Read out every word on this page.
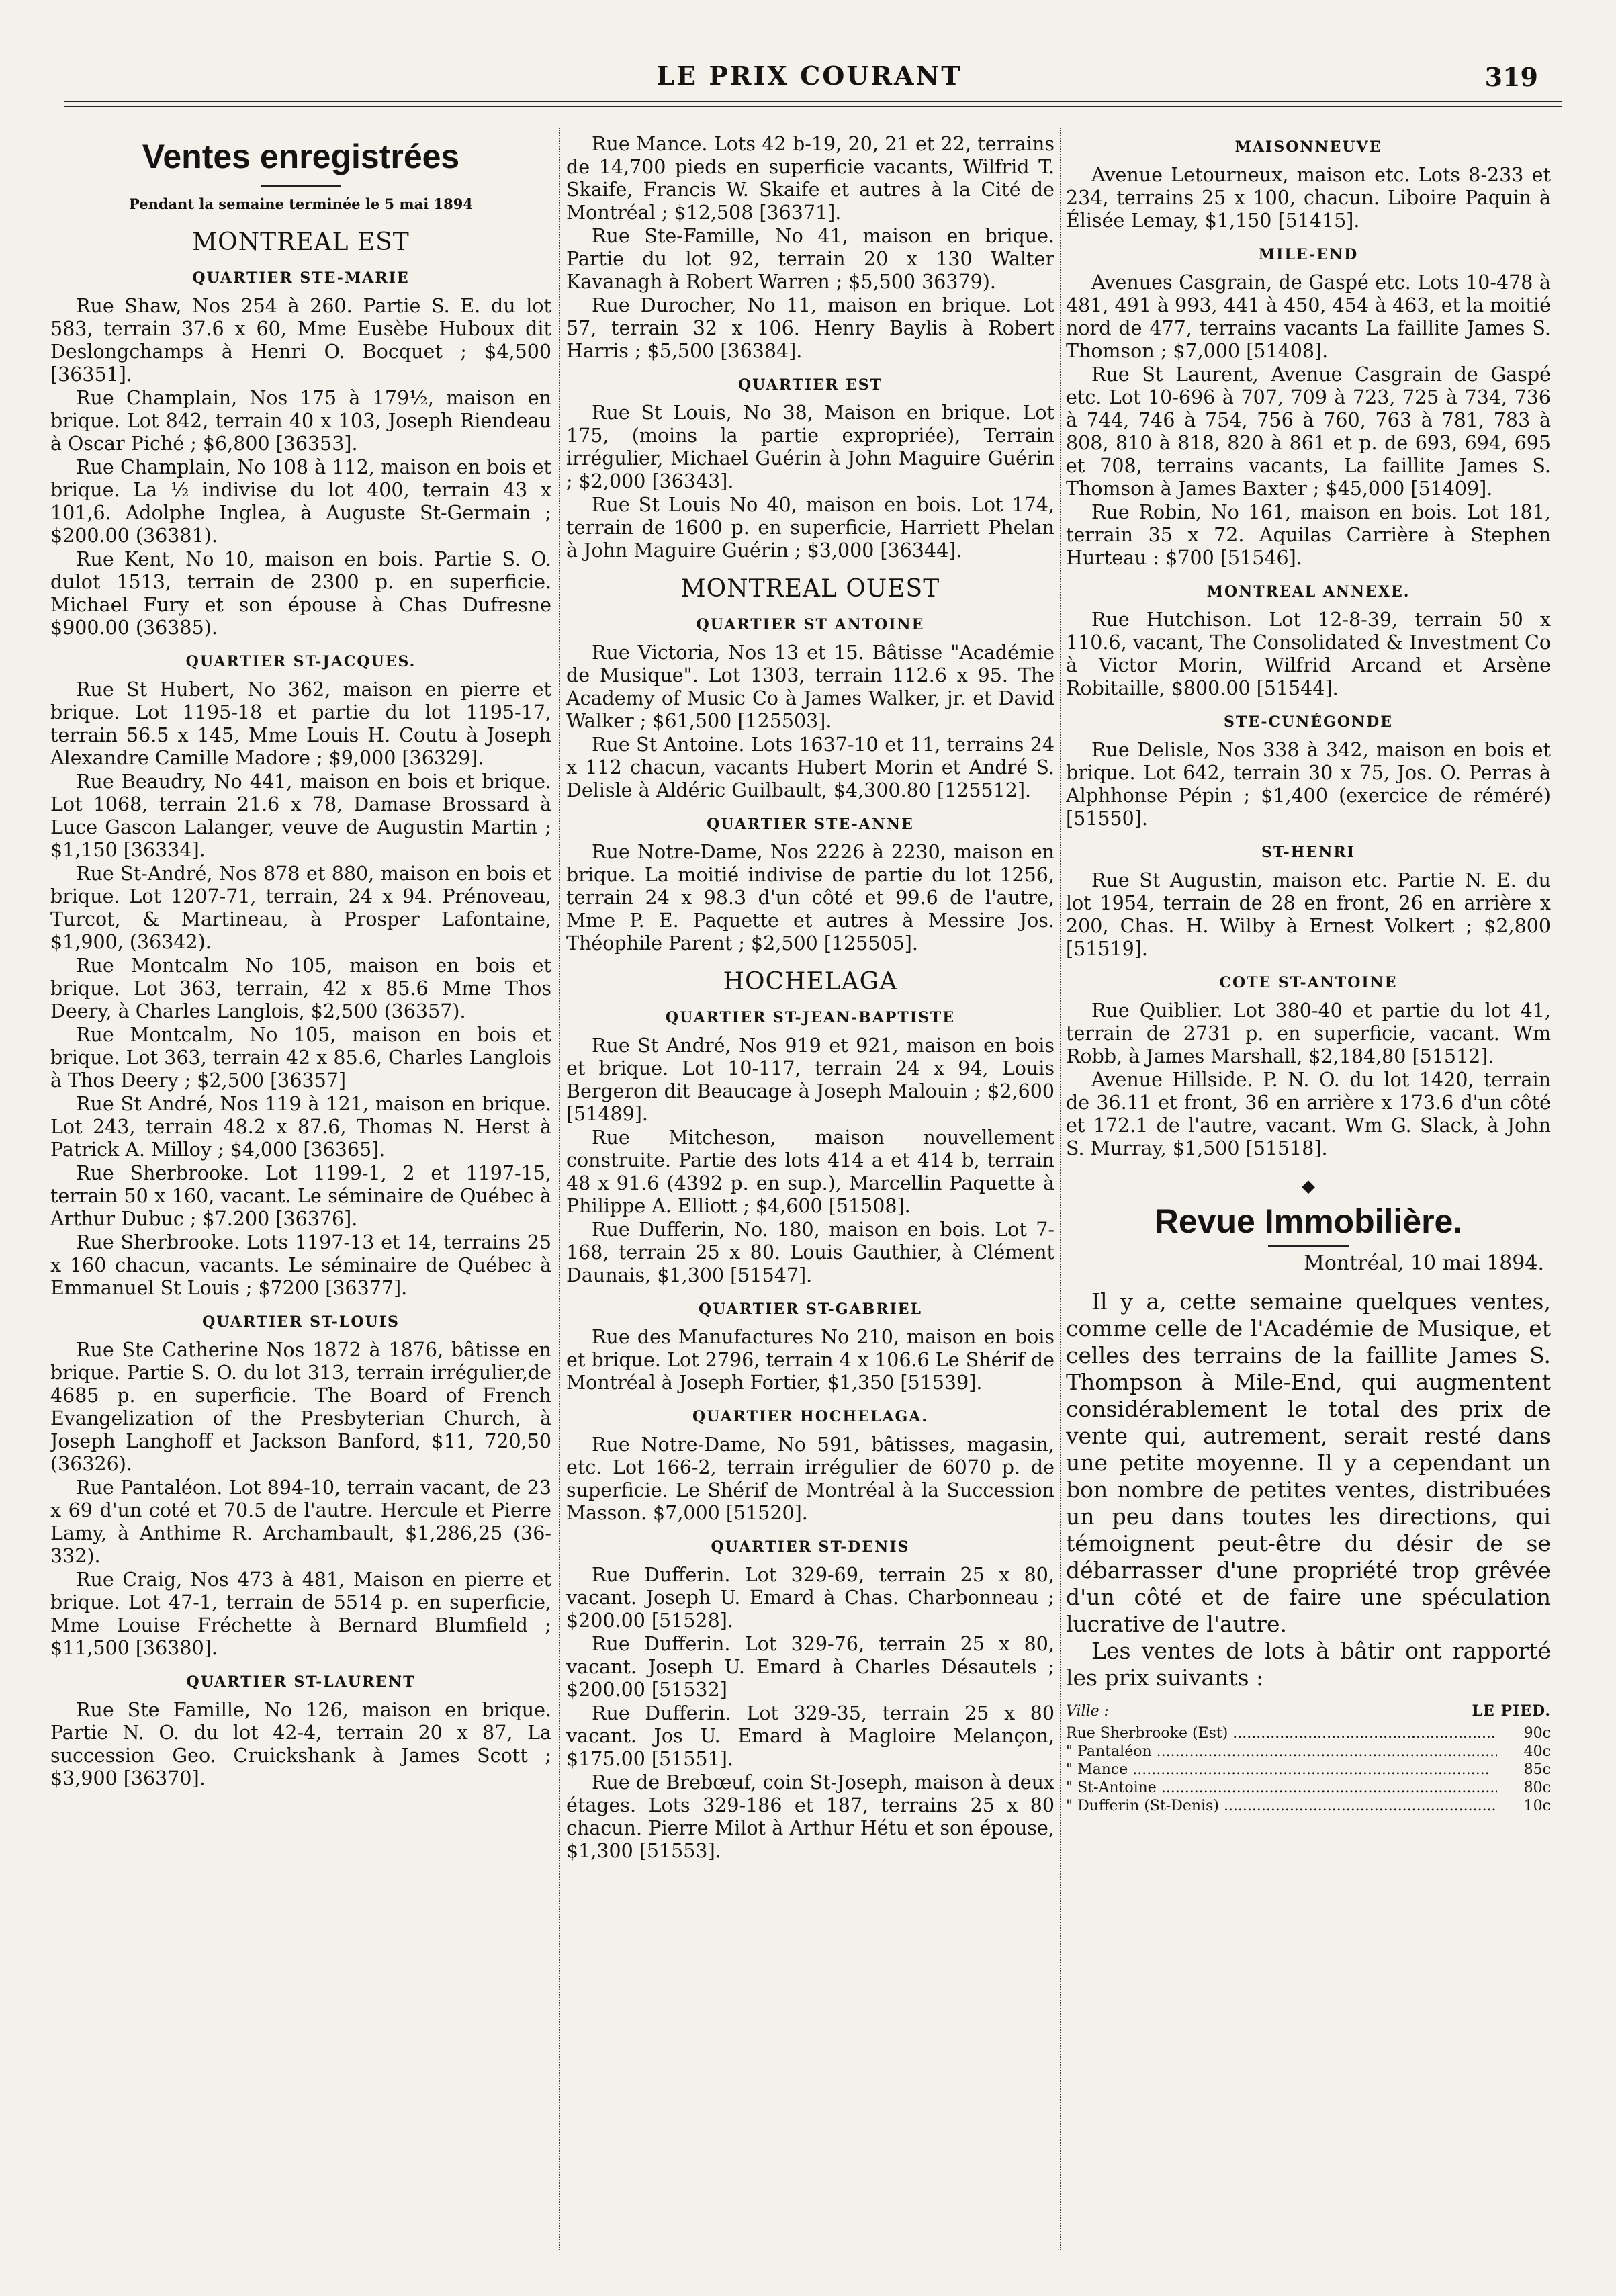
LE PRIX COURANT	319
Ventes enregistrées
Pendant la semaine terminée le 5 mai 1894
MONTREAL EST
QUARTIER STE-MARIE

Rue Shaw, Nos 254 à 260. Partie S. E. du lot 583, terrain 37.6 x 60, Mme Eusèbe Huboux dit Deslongchamps à Henri O. Bocquet ; $4,500 [36351].

Rue Champlain, Nos 175 à 179½, maison en brique. Lot 842, terrain 40 x 103, Joseph Riendeau à Oscar Piché ; $6,800 [36353].

Rue Champlain, No 108 à 112, maison en bois et brique. La ½ indivise du lot 400, terrain 43 x 101,6. Adolphe Inglea, à Auguste St-Germain ; $200.00 (36381).

Rue Kent, No 10, maison en bois. Partie S. O. dulot 1513, terrain de 2300 p. en superficie. Michael Fury et son épouse à Chas Dufresne $900.00 (36385).

QUARTIER ST-JACQUES.

Rue St Hubert, No 362, maison en pierre et brique. Lot 1195-18 et partie du lot 1195-17, terrain 56.5 x 145, Mme Louis H. Coutu à Joseph Alexandre Camille Madore ; $9,000 [36329].

Rue Beaudry, No 441, maison en bois et brique. Lot 1068, terrain 21.6 x 78, Damase Brossard à Luce Gascon Lalanger, veuve de Augustin Martin ; $1,150 [36334].

Rue St-André, Nos 878 et 880, maison en bois et brique. Lot 1207-71, terrain, 24 x 94. Prénoveau, Turcot, & Martineau, à Prosper Lafontaine, $1,900, (36342).

Rue Montcalm No 105, maison en bois et brique. Lot 363, terrain, 42 x 85.6 Mme Thos Deery, à Charles Langlois, $2,500 (36357).

Rue Montcalm, No 105, maison en bois et brique. Lot 363, terrain 42 x 85.6, Charles Langlois à Thos Deery ; $2,500 [36357]

Rue St André, Nos 119 à 121, maison en brique. Lot 243, terrain 48.2 x 87.6, Thomas N. Herst à Patrick A. Milloy ; $4,000 [36365].

Rue Sherbrooke. Lot 1199-1, 2 et 1197-15, terrain 50 x 160, vacant. Le séminaire de Québec à Arthur Dubuc ; $7.200 [36376].

Rue Sherbrooke. Lots 1197-13 et 14, terrains 25 x 160 chacun, vacants. Le séminaire de Québec à Emmanuel St Louis ; $7200 [36377].

QUARTIER ST-LOUIS

Rue Ste Catherine Nos 1872 à 1876, bâtisse en brique. Partie S. O. du lot 313, terrain irrégulier,de 4685 p. en superficie. The Board of French Evangelization of the Presbyterian Church, à Joseph Langhoff et Jackson Banford, $11, 720,50 (36326).

Rue Pantaléon. Lot 894-10, terrain vacant, de 23 x 69 d'un coté et 70.5 de l'autre. Hercule et Pierre Lamy, à Anthime R. Archambault, $1,286,25 (36-332).

Rue Craig, Nos 473 à 481, Maison en pierre et brique. Lot 47-1, terrain de 5514 p. en superficie, Mme Louise Fréchette à Bernard Blumfield ; $11,500 [36380].

QUARTIER ST-LAURENT

Rue Ste Famille, No 126, maison en brique. Partie N. O. du lot 42-4, terrain 20 x 87, La succession Geo. Cruickshank à James Scott ; $3,900 [36370].

Rue Mance. Lots 42 b-19, 20, 21 et 22, terrains de 14,700 pieds en superficie vacants, Wilfrid T. Skaife, Francis W. Skaife et autres à la Cité de Montréal ; $12,508 [36371].

Rue Ste-Famille, No 41, maison en brique. Partie du lot 92, terrain 20 x 130 Walter Kavanagh à Robert Warren ; $5,500 36379).

Rue Durocher, No 11, maison en brique. Lot 57, terrain 32 x 106. Henry Baylis à Robert Harris ; $5,500 [36384].

QUARTIER EST

Rue St Louis, No 38, Maison en brique. Lot 175, (moins la partie expropriée), Terrain irrégulier, Michael Guérin à John Maguire Guérin ; $2,000 [36343].

Rue St Louis No 40, maison en bois. Lot 174, terrain de 1600 p. en superficie, Harriett Phelan à John Maguire Guérin ; $3,000 [36344].

MONTREAL OUEST
QUARTIER ST ANTOINE

Rue Victoria, Nos 13 et 15. Bâtisse "Académie de Musique". Lot 1303, terrain 112.6 x 95. The Academy of Music Co à James Walker, jr. et David Walker ; $61,500 [125503].

Rue St Antoine. Lots 1637-10 et 11, terrains 24 x 112 chacun, vacants Hubert Morin et André S. Delisle à Aldéric Guilbault, $4,300.80 [125512].

QUARTIER STE-ANNE

Rue Notre-Dame, Nos 2226 à 2230, maison en brique. La moitié indivise de partie du lot 1256, terrain 24 x 98.3 d'un côté et 99.6 de l'autre, Mme P. E. Paquette et autres à Messire Jos. Théophile Parent ; $2,500 [125505].

HOCHELAGA
QUARTIER ST-JEAN-BAPTISTE

Rue St André, Nos 919 et 921, maison en bois et brique. Lot 10-117, terrain 24 x 94, Louis Bergeron dit Beaucage à Joseph Malouin ; $2,600 [51489].

Rue Mitcheson, maison nouvellement construite. Partie des lots 414 a et 414 b, terrain 48 x 91.6 (4392 p. en sup.), Marcellin Paquette à Philippe A. Elliott ; $4,600 [51508].

Rue Dufferin, No. 180, maison en bois. Lot 7-168, terrain 25 x 80. Louis Gauthier, à Clément Daunais, $1,300 [51547].

QUARTIER ST-GABRIEL

Rue des Manufactures No 210, maison en bois et brique. Lot 2796, terrain 4 x 106.6 Le Shérif de Montréal à Joseph Fortier, $1,350 [51539].

QUARTIER HOCHELAGA.

Rue Notre-Dame, No 591, bâtisses, magasin, etc. Lot 166-2, terrain irrégulier de 6070 p. de superficie. Le Shérif de Montréal à la Succession Masson. $7,000 [51520].

QUARTIER ST-DENIS

Rue Dufferin. Lot 329-69, terrain 25 x 80, vacant. Joseph U. Emard à Chas. Charbonneau ; $200.00 [51528].

Rue Dufferin. Lot 329-76, terrain 25 x 80, vacant. Joseph U. Emard à Charles Désautels ; $200.00 [51532]

Rue Dufferin. Lot 329-35, terrain 25 x 80 vacant. Jos U. Emard à Magloire Melançon, $175.00 [51551].

Rue de Brebœuf, coin St-Joseph, maison à deux étages. Lots 329-186 et 187, terrains 25 x 80 chacun. Pierre Milot à Arthur Hétu et son épouse, $1,300 [51553].

MAISONNEUVE

Avenue Letourneux, maison etc. Lots 8-233 et 234, terrains 25 x 100, chacun. Liboire Paquin à Élisée Lemay, $1,150 [51415].

MILE-END

Avenues Casgrain, de Gaspé etc. Lots 10-478 à 481, 491 à 993, 441 à 450, 454 à 463, et la moitié nord de 477, terrains vacants La faillite James S. Thomson ; $7,000 [51408].

Rue St Laurent, Avenue Casgrain de Gaspé etc. Lot 10-696 à 707, 709 à 723, 725 à 734, 736 à 744, 746 à 754, 756 à 760, 763 à 781, 783 à 808, 810 à 818, 820 à 861 et p. de 693, 694, 695 et 708, terrains vacants, La faillite James S. Thomson à James Baxter ; $45,000 [51409].

Rue Robin, No 161, maison en bois. Lot 181, terrain 35 x 72. Aquilas Carrière à Stephen Hurteau : $700 [51546].

MONTREAL ANNEXE.

Rue Hutchison. Lot 12-8-39, terrain 50 x 110.6, vacant, The Consolidated & Investment Co à Victor Morin, Wilfrid Arcand et Arsène Robitaille, $800.00 [51544].

STE-CUNÉGONDE

Rue Delisle, Nos 338 à 342, maison en bois et brique. Lot 642, terrain 30 x 75, Jos. O. Perras à Alphhonse Pépin ; $1,400 (exercice de réméré) [51550].

ST-HENRI

Rue St Augustin, maison etc. Partie N. E. du lot 1954, terrain de 28 en front, 26 en arrière x 200, Chas. H. Wilby à Ernest Volkert ; $2,800 [51519].

COTE ST-ANTOINE

Rue Quiblier. Lot 380-40 et partie du lot 41, terrain de 2731 p. en superficie, vacant. Wm Robb, à James Marshall, $2,184,80 [51512].

Avenue Hillside. P. N. O. du lot 1420, terrain de 36.11 et front, 36 en arrière x 173.6 d'un côté et 172.1 de l'autre, vacant. Wm G. Slack, à John S. Murray, $1,500 [51518].

◆
Revue Immobilière.
Montréal, 10 mai 1894.

Il y a, cette semaine quelques ventes, comme celle de l'Académie de Musique, et celles des terrains de la faillite James S. Thompson à Mile-End, qui augmentent considérablement le total des prix de vente qui, autrement, serait resté dans une petite moyenne. Il y a cependant un bon nombre de petites ventes, distribuées un peu dans toutes les directions, qui témoignent peut-être du désir de se débarrasser d'une propriété trop grêvée d'un côté et de faire une spéculation lucrative de l'autre.

Les ventes de lots à bâtir ont rapporté les prix suivants :

Ville :	LE PIED.
Rue Sherbrooke (Est) .....	90c
" Pantaléon .....	40c
" Mance .....	85c
" St-Antoine .....	80c
" Dufferin (St-Denis) .....	10c
